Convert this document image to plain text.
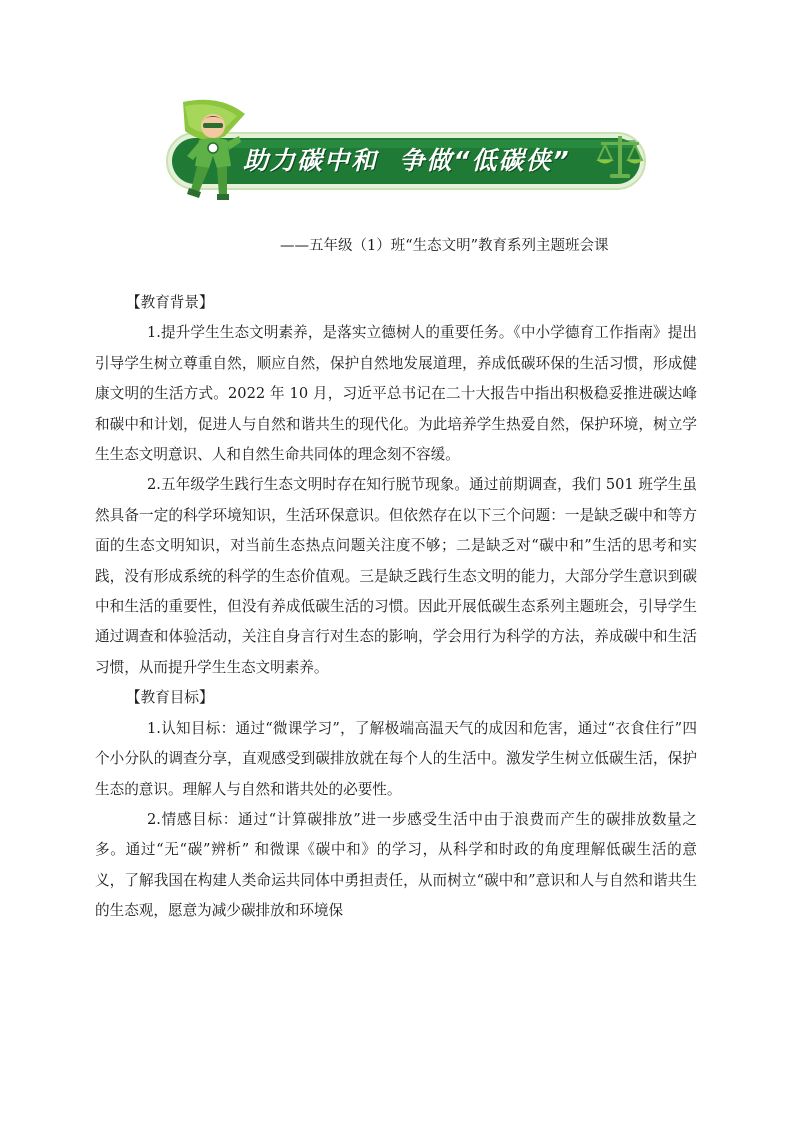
助力碳中和  争做“低碳侠”
——五年级（1）班“生态文明”教育系列主题班会课

【教育背景】

1.提升学生生态文明素养，是落实立德树人的重要任务。《中小学德育工作指南》提出引导学生树立尊重自然，顺应自然，保护自然地发展道理，养成低碳环保的生活习惯，形成健康文明的生活方式。2022 年 10 月，习近平总书记在二十大报告中指出积极稳妥推进碳达峰和碳中和计划，促进人与自然和谐共生的现代化。为此培养学生热爱自然，保护环境，树立学生生态文明意识、人和自然生命共同体的理念刻不容缓。

2.五年级学生践行生态文明时存在知行脱节现象。通过前期调查，我们 501 班学生虽然具备一定的科学环境知识，生活环保意识。但依然存在以下三个问题：一是缺乏碳中和等方面的生态文明知识，对当前生态热点问题关注度不够；二是缺乏对“碳中和”生活的思考和实践，没有形成系统的科学的生态价值观。三是缺乏践行生态文明的能力，大部分学生意识到碳中和生活的重要性，但没有养成低碳生活的习惯。因此开展低碳生态系列主题班会，引导学生通过调查和体验活动，关注自身言行对生态的影响，学会用行为科学的方法，养成碳中和生活习惯，从而提升学生生态文明素养。

【教育目标】

1.认知目标：通过“微课学习”，了解极端高温天气的成因和危害，通过“衣食住行”四个小分队的调查分享，直观感受到碳排放就在每个人的生活中。激发学生树立低碳生活，保护生态的意识。理解人与自然和谐共处的必要性。

2.情感目标：通过“计算碳排放”进一步感受生活中由于浪费而产生的碳排放数量之多。通过“无“碳”辨析” 和微课《碳中和》的学习，从科学和时政的角度理解低碳生活的意义，了解我国在构建人类命运共同体中勇担责任，从而树立“碳中和”意识和人与自然和谐共生的生态观，愿意为减少碳排放和环境保
